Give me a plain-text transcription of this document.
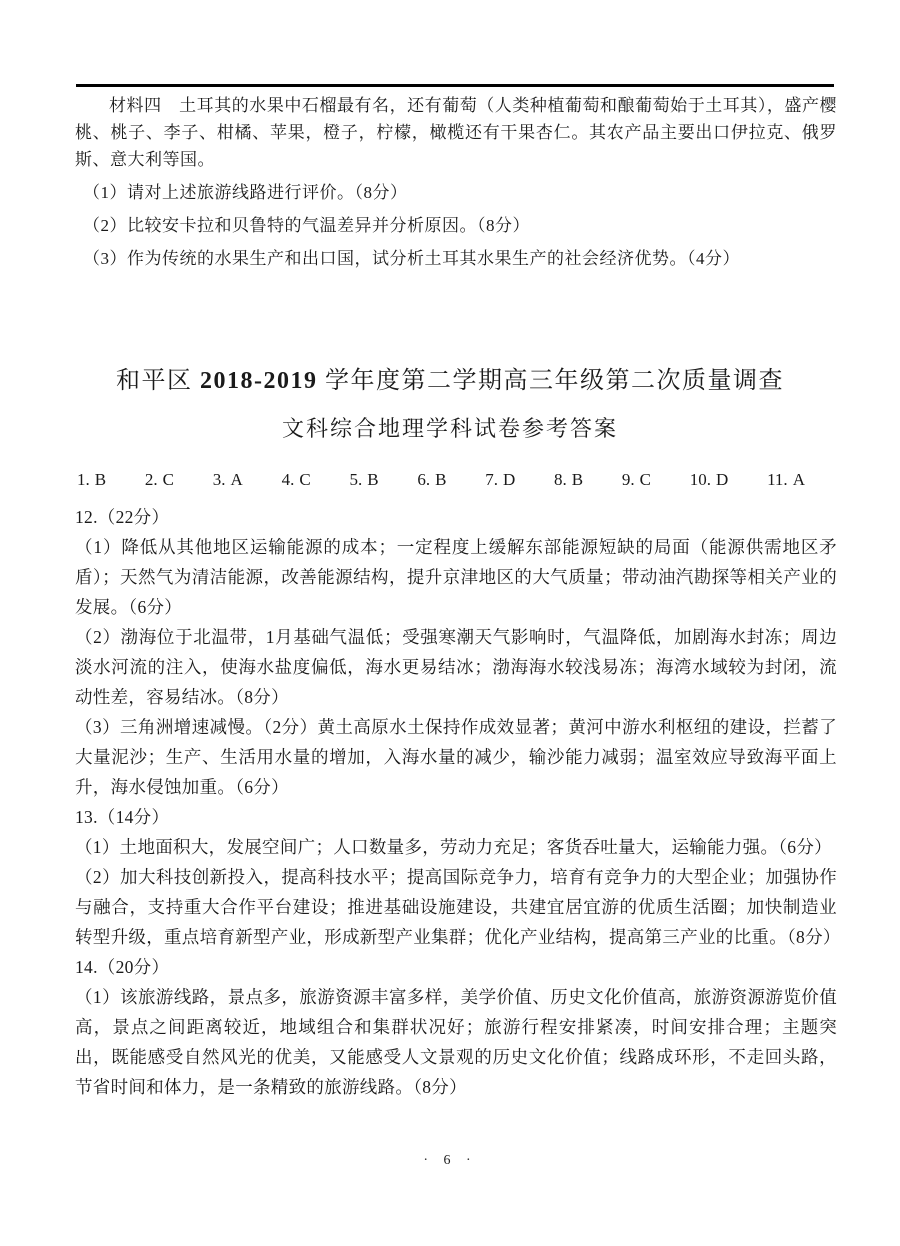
材料四　土耳其的水果中石榴最有名，还有葡萄（人类种植葡萄和酿葡萄始于土耳其），盛产樱桃、桃子、李子、柑橘、苹果，橙子，柠檬，橄榄还有干果杏仁。其农产品主要出口伊拉克、俄罗斯、意大利等国。

（1）请对上述旅游线路进行评价。（8分）

（2）比较安卡拉和贝鲁特的气温差异并分析原因。（8分）

（3）作为传统的水果生产和出口国，试分析土耳其水果生产的社会经济优势。（4分）

和平区 2018-2019 学年度第二学期高三年级第二次质量调查
文科综合地理学科试卷参考答案
1. B 2. C 3. A 4. C 5. B 6. B 7. D 8. B 9. C 10. D 11. A

12.（22分）

（1）降低从其他地区运输能源的成本；一定程度上缓解东部能源短缺的局面（能源供需地区矛盾）；天然气为清洁能源，改善能源结构，提升京津地区的大气质量；带动油汽勘探等相关产业的发展。（6分）

（2）渤海位于北温带，1月基础气温低；受强寒潮天气影响时，气温降低，加剧海水封冻；周边淡水河流的注入，使海水盐度偏低，海水更易结冰；渤海海水较浅易冻；海湾水域较为封闭，流动性差，容易结冰。（8分）

（3）三角洲增速减慢。（2分）黄土高原水土保持作成效显著；黄河中游水利枢纽的建设，拦蓄了大量泥沙；生产、生活用水量的增加，入海水量的减少，输沙能力减弱；温室效应导致海平面上升，海水侵蚀加重。（6分）

13.（14分）

（1）土地面积大，发展空间广；人口数量多，劳动力充足；客货吞吐量大，运输能力强。（6分）

（2）加大科技创新投入，提高科技水平；提高国际竞争力，培育有竞争力的大型企业；加强协作与融合，支持重大合作平台建设；推进基础设施建设，共建宜居宜游的优质生活圈；加快制造业转型升级，重点培育新型产业，形成新型产业集群；优化产业结构，提高第三产业的比重。（8分）

14.（20分）

（1）该旅游线路，景点多，旅游资源丰富多样，美学价值、历史文化价值高，旅游资源游览价值高，景点之间距离较近，地域组合和集群状况好；旅游行程安排紧凑，时间安排合理；主题突出，既能感受自然风光的优美，又能感受人文景观的历史文化价值；线路成环形，不走回头路，节省时间和体力，是一条精致的旅游线路。（8分）

· 6 ·
